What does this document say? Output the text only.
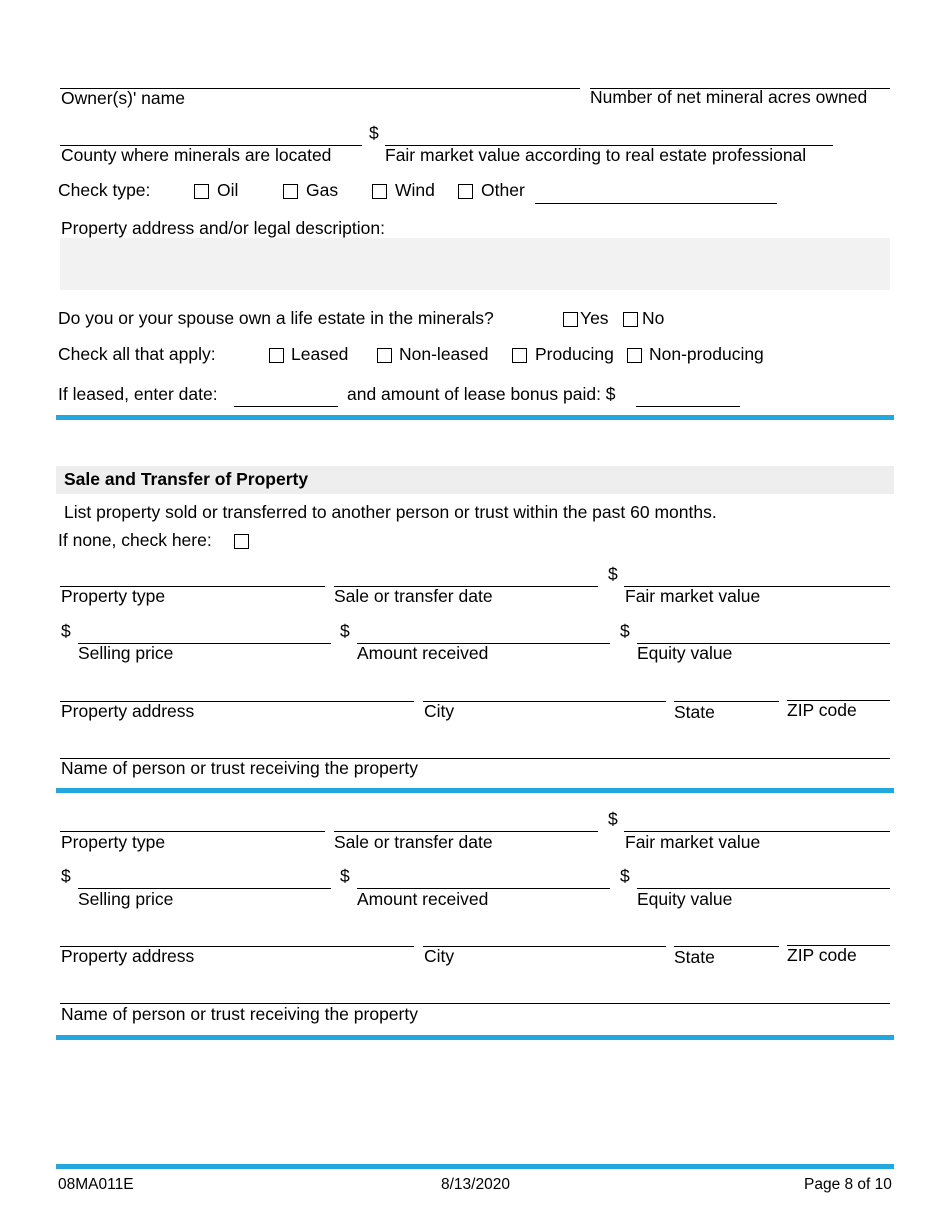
Owner(s)' name	Number of net mineral acres owned
$
County where minerals are located	Fair market value according to real estate professional
Check type:	Oil	Gas	Wind	Other
Property address and/or legal description:
Do you or your spouse own a life estate in the minerals?	Yes No
Check all that apply:	Leased	Non-leased	Producing Non-producing
If leased, enter date:	and amount of lease bonus paid: $
Sale and Transfer of Property
List property sold or transferred to another person or trust within the past 60 months.
If none, check here:
$
Property type	Sale or transfer date	Fair market value
$	$	$
Selling price	Amount received	Equity value
Property address	City	State	ZIP code
Name of person or trust receiving the property
$
Property type	Sale or transfer date	Fair market value
$	$	$
Selling price	Amount received	Equity value
Property address	City	State	ZIP code
Name of person or trust receiving the property
08MA011E	8/13/2020	Page 8 of 10
